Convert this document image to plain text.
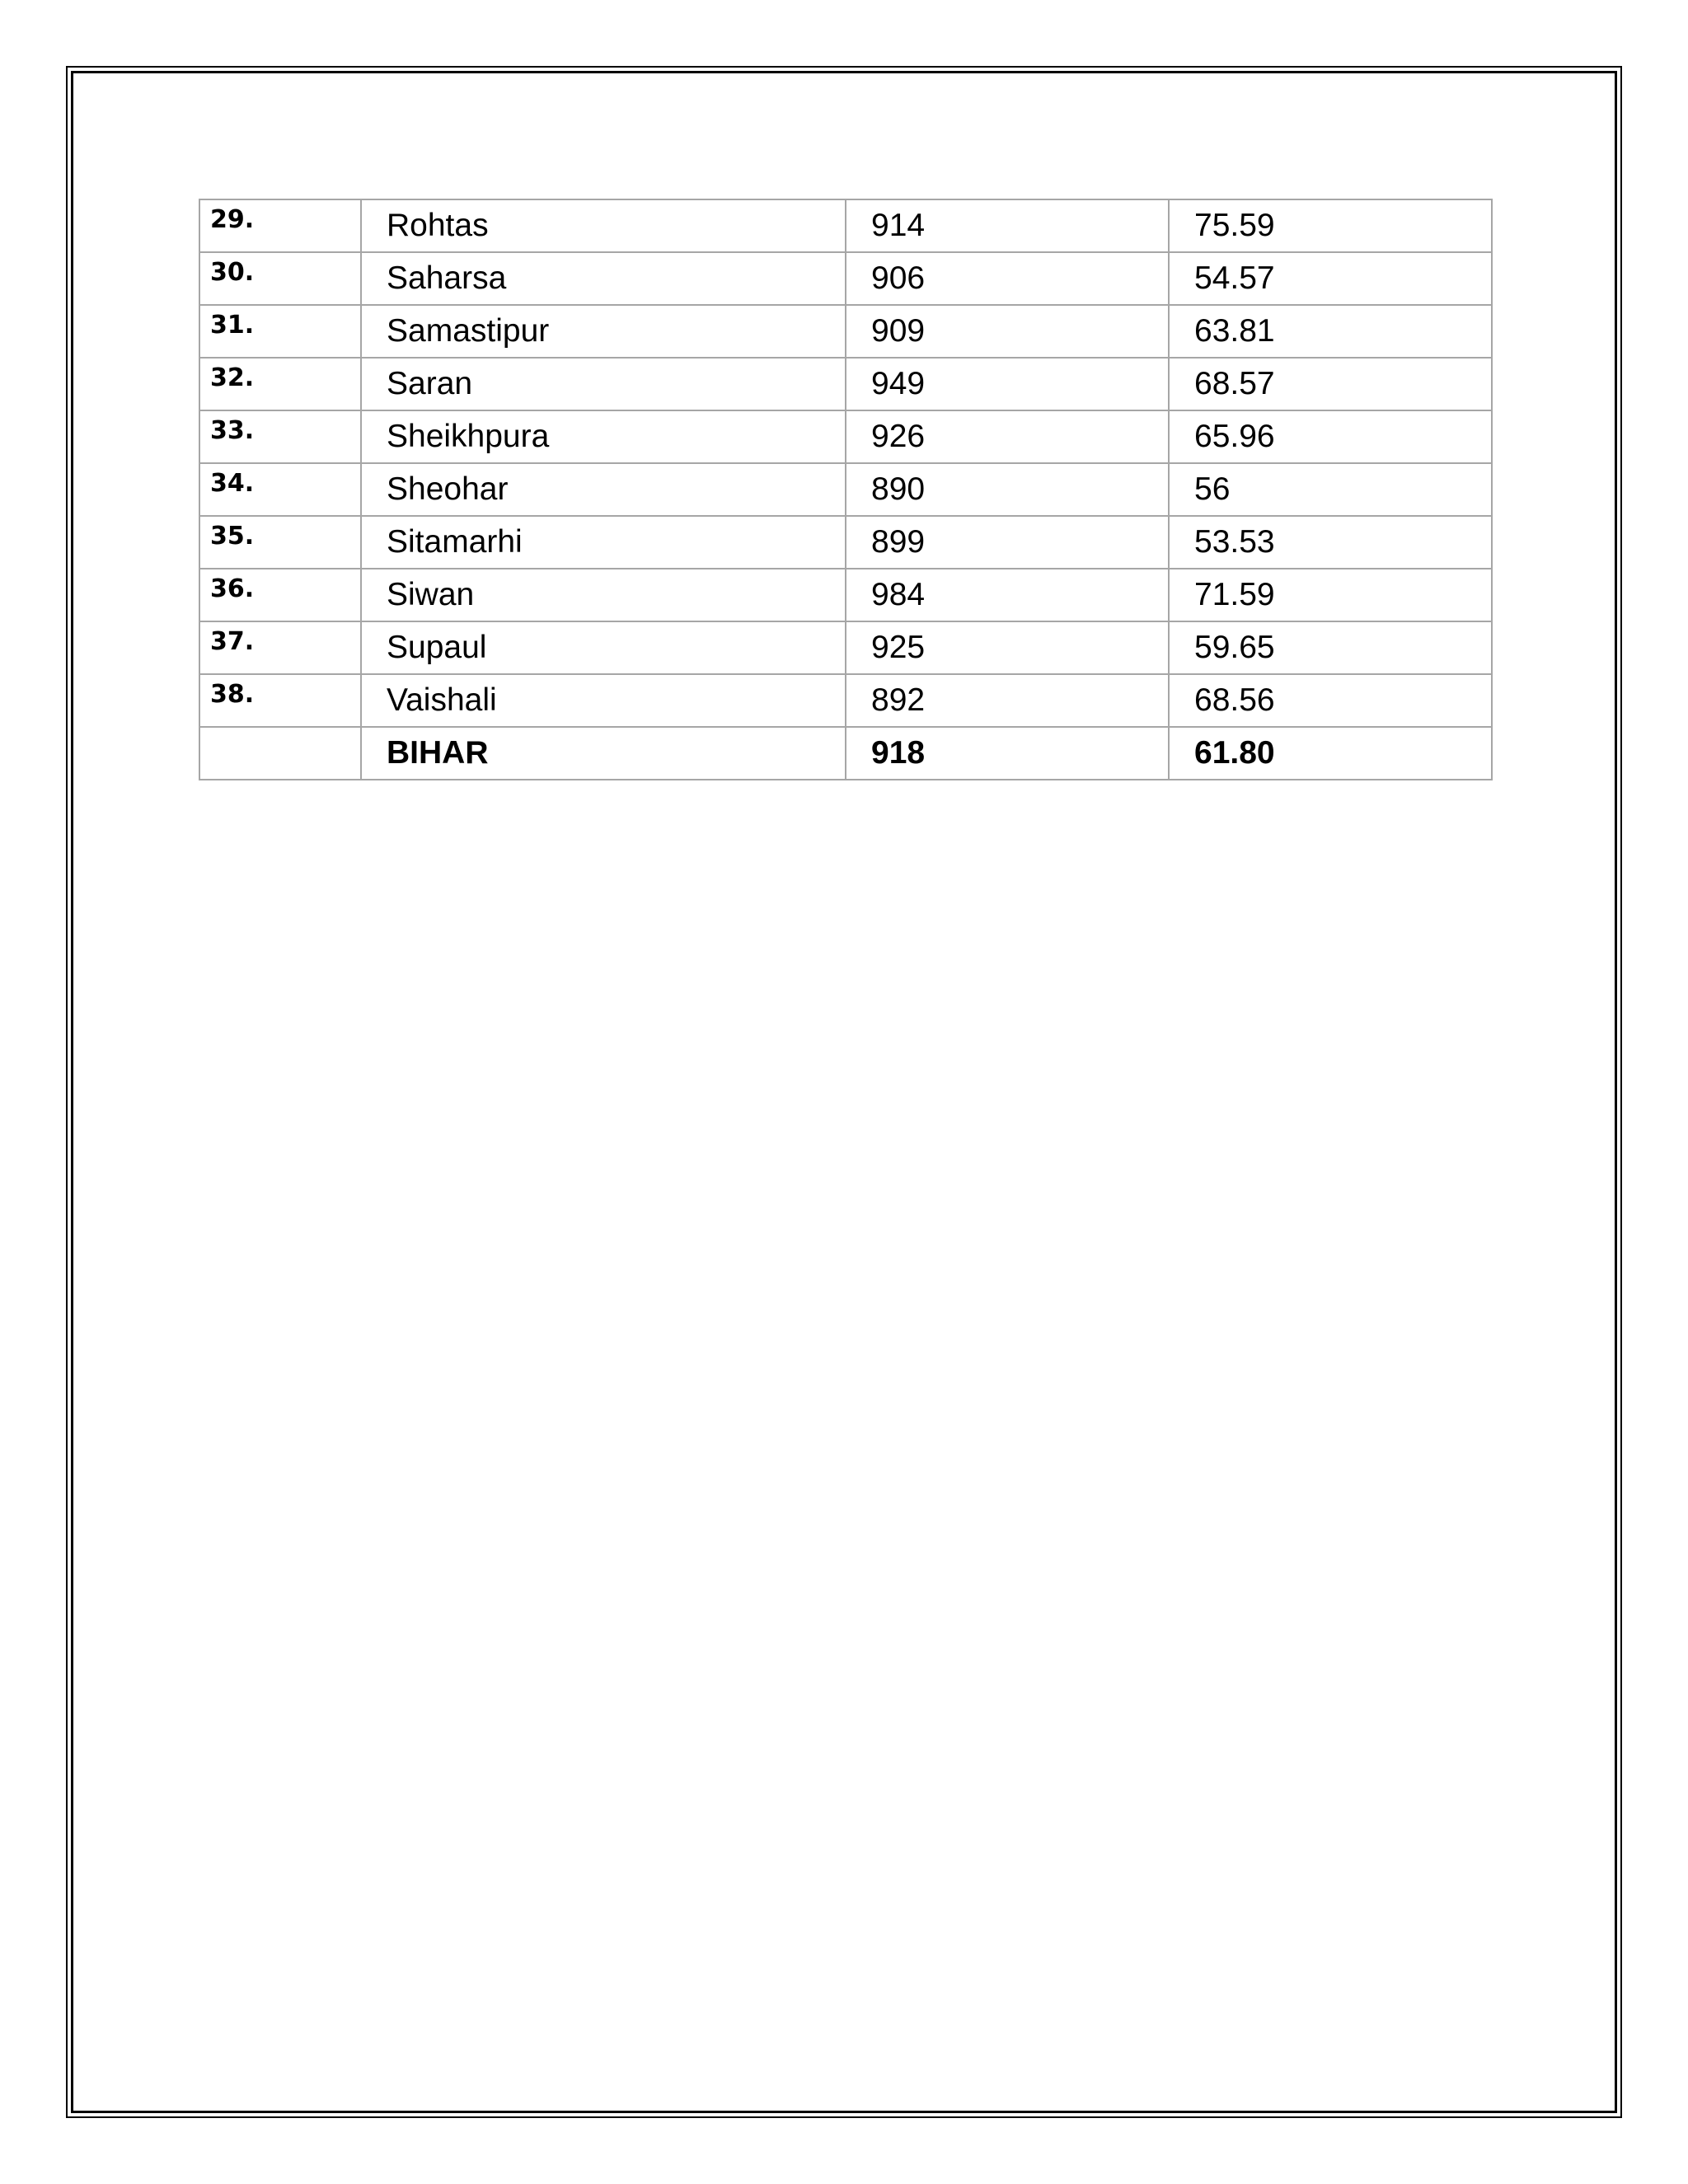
29.	Rohtas	914	75.59
30.	Saharsa	906	54.57
31.	Samastipur	909	63.81
32.	Saran	949	68.57
33.	Sheikhpura	926	65.96
34.	Sheohar	890	56
35.	Sitamarhi	899	53.53
36.	Siwan	984	71.59
37.	Supaul	925	59.65
38.	Vaishali	892	68.56
	BIHAR	918	61.80
